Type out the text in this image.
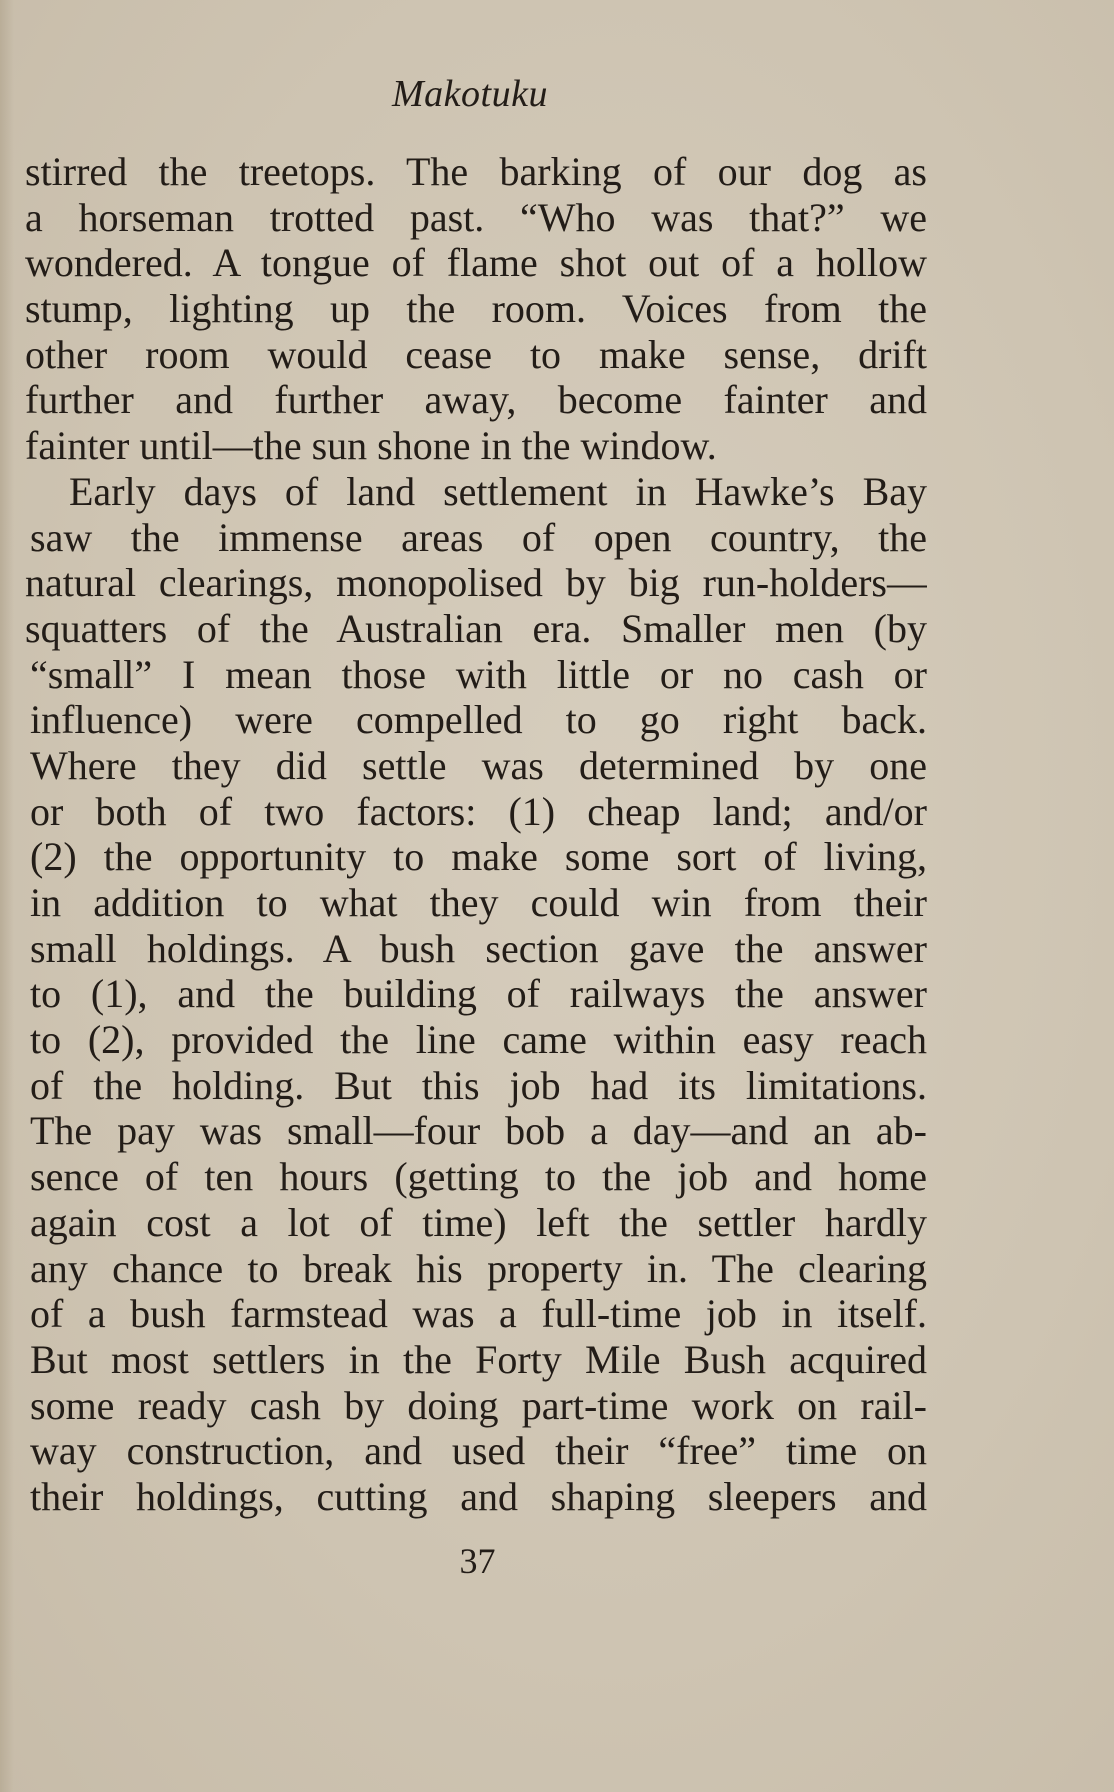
Makotuku
stirred the treetops. The barking of our dog as
a horseman trotted past. “Who was that?” we
wondered. A tongue of flame shot out of a hollow
stump, lighting up the room. Voices from the
other room would cease to make sense, drift
further and further away, become fainter and
fainter until—the sun shone in the window.
Early days of land settlement in Hawke’s Bay
saw the immense areas of open country, the
natural clearings, monopolised by big run-holders—
squatters of the Australian era. Smaller men (by
“small” I mean those with little or no cash or
influence) were compelled to go right back.
Where they did settle was determined by one
or both of two factors: (1) cheap land; and/or
(2) the opportunity to make some sort of living,
in addition to what they could win from their
small holdings. A bush section gave the answer
to (1), and the building of railways the answer
to (2), provided the line came within easy reach
of the holding. But this job had its limitations.
The pay was small—four bob a day—and an ab-
sence of ten hours (getting to the job and home
again cost a lot of time) left the settler hardly
any chance to break his property in. The clearing
of a bush farmstead was a full-time job in itself.
But most settlers in the Forty Mile Bush acquired
some ready cash by doing part-time work on rail-
way construction, and used their “free” time on
their holdings, cutting and shaping sleepers and
37
